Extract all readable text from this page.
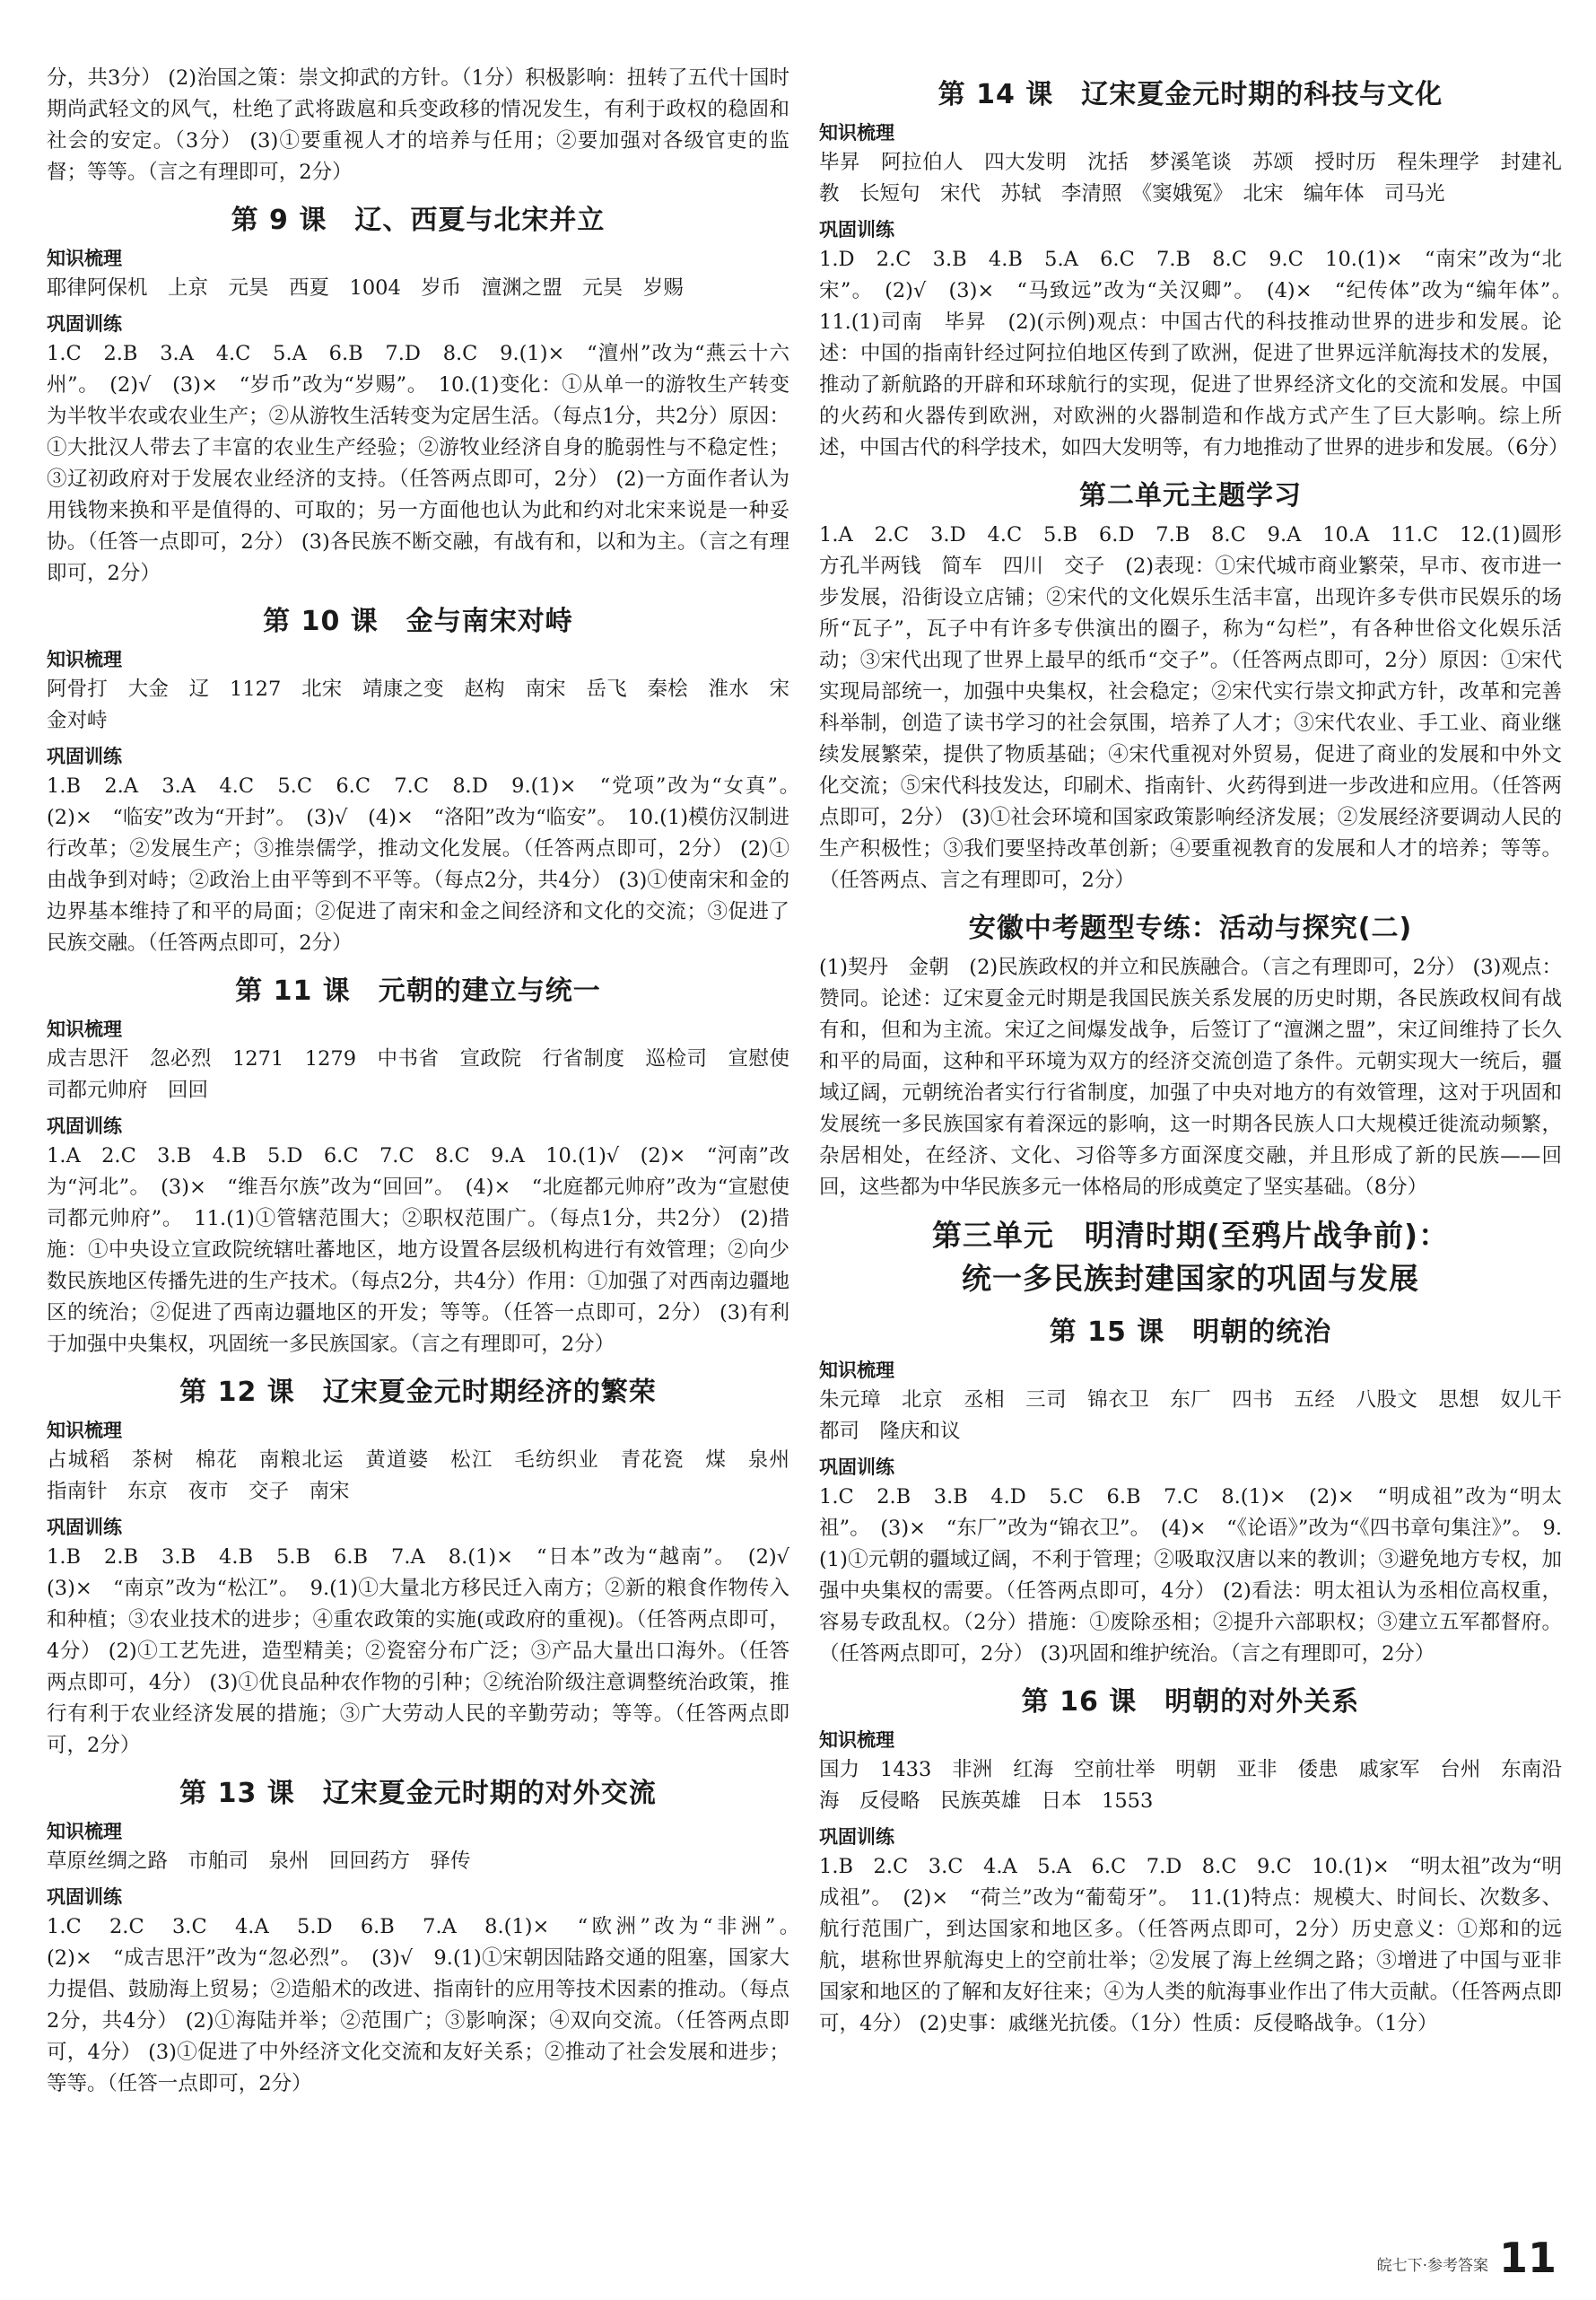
分，共3分） (2)治国之策：崇文抑武的方针。（1分）积极影响：扭转了五代十国时期尚武轻文的风气，杜绝了武将跋扈和兵变政移的情况发生，有利于政权的稳固和社会的安定。（3分） (3)①要重视人才的培养与任用；②要加强对各级官吏的监督；等等。（言之有理即可，2分）

第 9 课　辽、西夏与北宋并立
知识梳理

耶律阿保机　上京　元昊　西夏　1004　岁币　澶渊之盟　元昊　岁赐

巩固训练

1.C　2.B　3.A　4.C　5.A　6.B　7.D　8.C　9.(1)×　“澶州”改为“燕云十六州”。　(2)√　(3)×　“岁币”改为“岁赐”。　10.(1)变化：①从单一的游牧生产转变为半牧半农或农业生产；②从游牧生活转变为定居生活。（每点1分，共2分）原因：①大批汉人带去了丰富的农业生产经验；②游牧业经济自身的脆弱性与不稳定性；③辽初政府对于发展农业经济的支持。（任答两点即可，2分） (2)一方面作者认为用钱物来换和平是值得的、可取的；另一方面他也认为此和约对北宋来说是一种妥协。（任答一点即可，2分） (3)各民族不断交融，有战有和，以和为主。（言之有理即可，2分）

第 10 课　金与南宋对峙
知识梳理

阿骨打　大金　辽　1127　北宋　靖康之变　赵构　南宋　岳飞　秦桧　淮水　宋金对峙

巩固训练

1.B　2.A　3.A　4.C　5.C　6.C　7.C　8.D　9.(1)×　“党项”改为“女真”。　(2)×　“临安”改为“开封”。　(3)√　(4)×　“洛阳”改为“临安”。　10.(1)模仿汉制进行改革；②发展生产；③推崇儒学，推动文化发展。（任答两点即可，2分） (2)①由战争到对峙；②政治上由平等到不平等。（每点2分，共4分） (3)①使南宋和金的边界基本维持了和平的局面；②促进了南宋和金之间经济和文化的交流；③促进了民族交融。（任答两点即可，2分）

第 11 课　元朝的建立与统一
知识梳理

成吉思汗　忽必烈　1271　1279　中书省　宣政院　行省制度　巡检司　宣慰使司都元帅府　回回

巩固训练

1.A　2.C　3.B　4.B　5.D　6.C　7.C　8.C　9.A　10.(1)√　(2)×　“河南”改为“河北”。　(3)×　“维吾尔族”改为“回回”。　(4)×　“北庭都元帅府”改为“宣慰使司都元帅府”。　11.(1)①管辖范围大；②职权范围广。（每点1分，共2分） (2)措施：①中央设立宣政院统辖吐蕃地区，地方设置各层级机构进行有效管理；②向少数民族地区传播先进的生产技术。（每点2分，共4分）作用：①加强了对西南边疆地区的统治；②促进了西南边疆地区的开发；等等。（任答一点即可，2分） (3)有利于加强中央集权，巩固统一多民族国家。（言之有理即可，2分）

第 12 课　辽宋夏金元时期经济的繁荣
知识梳理

占城稻　茶树　棉花　南粮北运　黄道婆　松江　毛纺织业　青花瓷　煤　泉州　指南针　东京　夜市　交子　南宋

巩固训练

1.B　2.B　3.B　4.B　5.B　6.B　7.A　8.(1)×　“日本”改为“越南”。　(2)√　(3)×　“南京”改为“松江”。　9.(1)①大量北方移民迁入南方；②新的粮食作物传入和种植；③农业技术的进步；④重农政策的实施(或政府的重视)。（任答两点即可，4分） (2)①工艺先进，造型精美；②瓷窑分布广泛；③产品大量出口海外。（任答两点即可，4分） (3)①优良品种农作物的引种；②统治阶级注意调整统治政策，推行有利于农业经济发展的措施；③广大劳动人民的辛勤劳动；等等。（任答两点即可，2分）

第 13 课　辽宋夏金元时期的对外交流
知识梳理

草原丝绸之路　市舶司　泉州　回回药方　驿传

巩固训练

1.C　2.C　3.C　4.A　5.D　6.B　7.A　8.(1)×　“欧洲”改为“非洲”。　(2)×　“成吉思汗”改为“忽必烈”。　(3)√　9.(1)①宋朝因陆路交通的阻塞，国家大力提倡、鼓励海上贸易；②造船术的改进、指南针的应用等技术因素的推动。（每点2分，共4分） (2)①海陆并举；②范围广；③影响深；④双向交流。（任答两点即可，4分） (3)①促进了中外经济文化交流和友好关系；②推动了社会发展和进步；等等。（任答一点即可，2分）

第 14 课　辽宋夏金元时期的科技与文化
知识梳理

毕昇　阿拉伯人　四大发明　沈括　梦溪笔谈　苏颂　授时历　程朱理学　封建礼教　长短句　宋代　苏轼　李清照　《窦娥冤》　北宋　编年体　司马光

巩固训练

1.D　2.C　3.B　4.B　5.A　6.C　7.B　8.C　9.C　10.(1)×　“南宋”改为“北宋”。　(2)√　(3)×　“马致远”改为“关汉卿”。　(4)×　“纪传体”改为“编年体”。　11.(1)司南　毕昇　(2)(示例)观点：中国古代的科技推动世界的进步和发展。论述：中国的指南针经过阿拉伯地区传到了欧洲，促进了世界远洋航海技术的发展，推动了新航路的开辟和环球航行的实现，促进了世界经济文化的交流和发展。中国的火药和火器传到欧洲，对欧洲的火器制造和作战方式产生了巨大影响。综上所述，中国古代的科学技术，如四大发明等，有力地推动了世界的进步和发展。（6分）

第二单元主题学习

1.A　2.C　3.D　4.C　5.B　6.D　7.B　8.C　9.A　10.A　11.C　12.(1)圆形方孔半两钱　简车　四川　交子　(2)表现：①宋代城市商业繁荣，早市、夜市进一步发展，沿街设立店铺；②宋代的文化娱乐生活丰富，出现许多专供市民娱乐的场所“瓦子”，瓦子中有许多专供演出的圈子，称为“勾栏”，有各种世俗文化娱乐活动；③宋代出现了世界上最早的纸币“交子”。（任答两点即可，2分）原因：①宋代实现局部统一，加强中央集权，社会稳定；②宋代实行崇文抑武方针，改革和完善科举制，创造了读书学习的社会氛围，培养了人才；③宋代农业、手工业、商业继续发展繁荣，提供了物质基础；④宋代重视对外贸易，促进了商业的发展和中外文化交流；⑤宋代科技发达，印刷术、指南针、火药得到进一步改进和应用。（任答两点即可，2分） (3)①社会环境和国家政策影响经济发展；②发展经济要调动人民的生产积极性；③我们要坚持改革创新；④要重视教育的发展和人才的培养；等等。（任答两点、言之有理即可，2分）

安徽中考题型专练：活动与探究(二)

(1)契丹　金朝　(2)民族政权的并立和民族融合。（言之有理即可，2分） (3)观点：赞同。论述：辽宋夏金元时期是我国民族关系发展的历史时期，各民族政权间有战有和，但和为主流。宋辽之间爆发战争，后签订了“澶渊之盟”，宋辽间维持了长久和平的局面，这种和平环境为双方的经济交流创造了条件。元朝实现大一统后，疆域辽阔，元朝统治者实行行省制度，加强了中央对地方的有效管理，这对于巩固和发展统一多民族国家有着深远的影响，这一时期各民族人口大规模迁徙流动频繁，杂居相处，在经济、文化、习俗等多方面深度交融，并且形成了新的民族——回回，这些都为中华民族多元一体格局的形成奠定了坚实基础。（8分）

第三单元　明清时期(至鸦片战争前)：
统一多民族封建国家的巩固与发展
第 15 课　明朝的统治
知识梳理

朱元璋　北京　丞相　三司　锦衣卫　东厂　四书　五经　八股文　思想　奴儿干都司　隆庆和议

巩固训练

1.C　2.B　3.B　4.D　5.C　6.B　7.C　8.(1)×　(2)×　“明成祖”改为“明太祖”。　(3)×　“东厂”改为“锦衣卫”。　(4)×　“《论语》”改为“《四书章句集注》”。　9.(1)①元朝的疆域辽阔，不利于管理；②吸取汉唐以来的教训；③避免地方专权，加强中央集权的需要。（任答两点即可，4分） (2)看法：明太祖认为丞相位高权重，容易专政乱权。（2分）措施：①废除丞相；②提升六部职权；③建立五军都督府。（任答两点即可，2分） (3)巩固和维护统治。（言之有理即可，2分）

第 16 课　明朝的对外关系
知识梳理

国力　1433　非洲　红海　空前壮举　明朝　亚非　倭患　戚家军　台州　东南沿海　反侵略　民族英雄　日本　1553

巩固训练

1.B　2.C　3.C　4.A　5.A　6.C　7.D　8.C　9.C　10.(1)×　“明太祖”改为“明成祖”。　(2)×　“荷兰”改为“葡萄牙”。　11.(1)特点：规模大、时间长、次数多、航行范围广，到达国家和地区多。（任答两点即可，2分）历史意义：①郑和的远航，堪称世界航海史上的空前壮举；②发展了海上丝绸之路；③增进了中国与亚非国家和地区的了解和友好往来；④为人类的航海事业作出了伟大贡献。（任答两点即可，4分） (2)史事：戚继光抗倭。（1分）性质：反侵略战争。（1分）

皖七下·参考答案 11
